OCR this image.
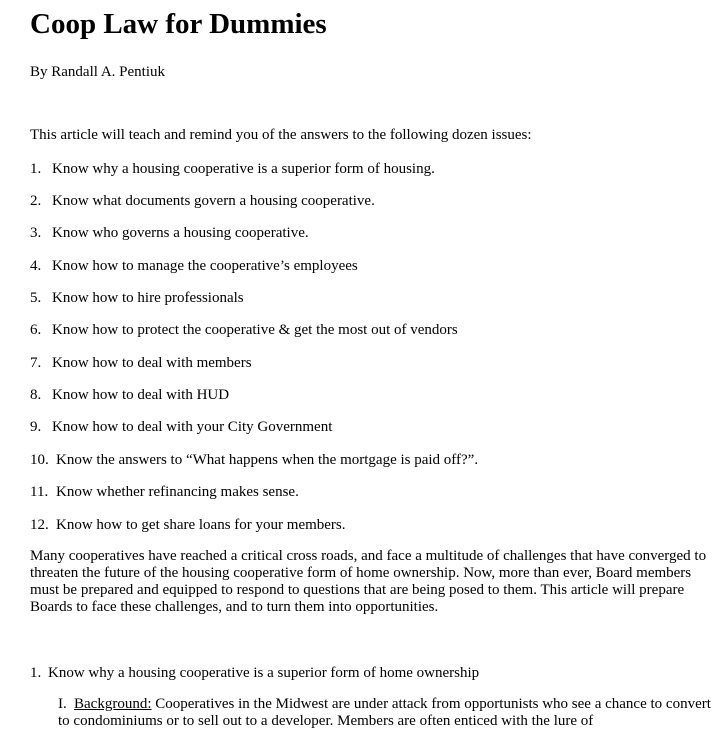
Coop Law for Dummies
By Randall A. Pentiuk
This article will teach and remind you of the answers to the following dozen issues:
1. Know why a housing cooperative is a superior form of housing.
2. Know what documents govern a housing cooperative.
3. Know who governs a housing cooperative.
4. Know how to manage the cooperative’s employees
5. Know how to hire professionals
6. Know how to protect the cooperative & get the most out of vendors
7. Know how to deal with members
8. Know how to deal with HUD
9. Know how to deal with your City Government
10. Know the answers to “What happens when the mortgage is paid off?”.
11. Know whether refinancing makes sense.
12. Know how to get share loans for your members.
Many cooperatives have reached a critical cross roads, and face a multitude of challenges that have converged to threaten the future of the housing cooperative form of home ownership. Now, more than ever, Board members must be prepared and equipped to respond to questions that are being posed to them. This article will prepare Boards to face these challenges, and to turn them into opportunities.
1. Know why a housing cooperative is a superior form of home ownership
I. Background: Cooperatives in the Midwest are under attack from opportunists who see a chance to convert to condominiums or to sell out to a developer. Members are often enticed with the lure of
